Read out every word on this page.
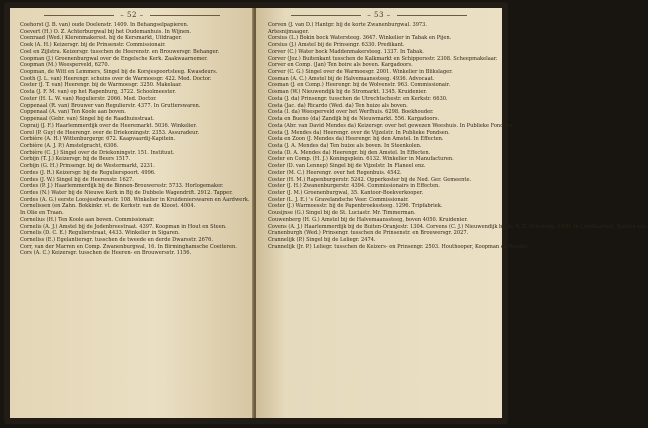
– 52 –
Coehorst (J. B. van) oude Doelenstr. 1409. In Behangselpapieren.
Coevert (H.) O. Z. Achterburgwal bij het Oudemanhuis. In Wijnen.
Coenraad (Wed.) Klerenmakersst. bij de Kersmarkt, Uitdrager.
Coek (A. H.) Keizersgr. bij de Prinsenstr. Commissionair.
Coel en Zijlstra. Keizersgr. tusschen de Heerenstr. en Brouwersgr. Behanger.
Coopman (J.) Groenenburgwal over de Engelsche Kerk. Zaakwaarnemer.
Coopman (M.) Weesperveld, 6270.
Coopman, de Witt en Lemmers, Singel bij de Korsjespoortsteeg. Kwasdeurs.
Cooth (J. L. van) Heerengr. schuins over de Warmoesgr. 422. Med. Doctor.
Coster (J. T. van) Heerengr. bij de Warmoesgr. 3250. Makelaar.
Costa (J. F. M. van) op het Rapenburg, 3722. Schoolmeester.
Coster (H. L. W. van) Regulierstr. 2066. Med. Doctor.
Coppenaal (R. van) Brouwer van Regulierstr. 4377. In Grutterswaren.
Coppenaal (A. van) Ten Koole aan boven.
Coppenaal (Gebr. van) Singel bij de Raadhuisstraat.
Copraij (J. F.) Haarlemmerdijk over de Heeremarkt. 5036. Winkelier.
Corel (P. Guy) de Heerengr. over de Driekoningstr. 2353. Assuradeur.
Corbière (A. H.) Wittenburgergr. 672. Kaapvaardij-Kapitein.
Corbière (A. J. P.) Amstelgracht, 6306.
Corbière (C. J.) Singel over de Driekoningstr. 151. Instituut.
Corbijn (T. J.) Keizersgr. bij de Beurs 1517.
Corbijn (G. H.) Prinsengr. bij de Westermarkt, 2231.
Cordes (J. R.) Keizersgr. bij de Regulierspoort. 4996.
Cordes (J. W.) Singel bij de Heerenstr. 1627.
Cordes (P. J.) Haarlemmerdijk bij de Binnen-Brouwersstr. 5733. Horlogemaker.
Cordes (N.) Water bij de Nieuwe Kerk in Bij de Dubbele Wagendrift. 2912. Tapper.
Cordes (A. G.) eerste Loosjesdwarsstr. 108. Winkelier in Kruidenierswaren en Aardwerk.
Cornelissen (en Zahn. Bokkinkr. vt. de Kerkstr. van de Kloost. 4004.
In Olie en Traan.
Cornelius (H.) Ten Koole aan boven. Commissionair.
Cornelis (A. J.) Amstel bij de Jodenbreestraat. 4397. Koopman in Hout en Steen.
Cornelis (D. C. E.) Regulierstraat, 4433. Winkelier in Sigaren.
Corneliss (E.) Egelantiersgr. tusschen de tweede en derde Dwarsstr. 2676.
Corr, van der Marren en Comp. Zwanenburgwal, 16. In Birminghamsche Coeiteren.
Cors (A. C.) Keizersgr. tusschen de Heeren- en Brouwersstr. 1156.
– 53 –
Corven (J. van D.) Hantgr. bij de korte Zwanenburgwal. 3973.
Artesnijmaager.
Corsius (L.) Bokin bock Watersteeg. 3647. Winkelier in Tabak en Pijen.
Corsius (J.) Amstel bij de Prinsengr. 6330. Predikant.
Corver (C.) Water bock Maddenmakersteeg. 1337. In Tabak.
Corver (Joz.) Buitenkant tusschen de Kalkmarkt en Schippersstr. 2308. Scheepmakelaar.
Corver en Comp. (Jan) Ten boire als boven. Kargadoors.
Corver (C. G.) Singel over de Warmoesgr. 2001. Winkelier in Blikslager.
Cosman (A. C.) Amstel bij de Halvemaanssteeg. 4936. Advocaat.
Cosman (J. en Comp.) Heerengr. bij de Wolvenstr. 963. Commissionair.
Cosman (W.) Nieuwendijk bij de Stromarkt. 1345. Kruidenier.
Costa (J. da) Prinsengr. tusschen de Utrechtschestr. en Kerkstr. 6630.
Costa (Jac. da) Ricardo (Wed. da) Ten huize als boven.
Costa (I. da) Weesperveld over het Werfhuis. 6298. Boekhouder.
Costa en Bueno (da) Zandijk bij de Nieuwmarkt. 556. Kargadoors.
Costa (Abr. van David Mendes da) Keizersgr. over het gewezen Weeshuis. In Publieke Fondsen.
Costa (J. Mendes da) Heerengr. over de Vijzelstr. In Publieke Fondsen.
Costa en Zoon (J. Mendes da) Heerengr. bij den Amstel. In Effecten.
Costa (J. A. Mendes da) Ten huize als boven. In Steenkolen.
Costa (D. A. Mendes da) Heerengr. bij den Amstel. In Effecten.
Coster en Comp. (H. J.) Koningsplein. 6132. Winkelier in Manufacturen.
Coster (D. van Lennep) Singel bij de Vijzelstr. In Flaneel enz.
Coster (M. C.) Heerengr. over het Regenbuis. 4542.
Coster (H. M.) Rapenburgerstr. 5242. Opperkoster bij de Ned. Ger. Gemeente.
Coster (J. H.) Zwanenburgerstr. 4394. Commissionairs in Effecten.
Coster (J. M.) Groenenburgwal, 35. Kantoor-Boekverkooper.
Coster (L. J. E.) 's Gravelandsche Veer. Commissionair.
Coster (J.) Warmoesstr. bij de Papenbroekssteeg. 1296. Tripfabriek.
Cousijnse (G.) Singel bij de St. Luciastr. Mr. Timmerman.
Couwenberg (H. G.) Amstel bij de Halvemaanssteeg, boven 4050. Kruidenier.
Covens (A. J.) Haarlemmerdijk bij de Buiten-Oranjestr. 1304. Corvens (C. J.) Nieuwendijk bij de N. Z. Armsteeg. 1400. In Landkaarten, Boeken enz.
Cranenburgh (Wed.) Prinsengr. tusschen de Prinsenstr. en Brouwersgr. 2027.
Crannelijk (P.) Singel bij de Leliegr. 2474.
Crannelijk (Jr. P.) Leliegr. tusschen de Keizers- en Prinsengr. 2503. Houthooper, Koopman en Reeder.
